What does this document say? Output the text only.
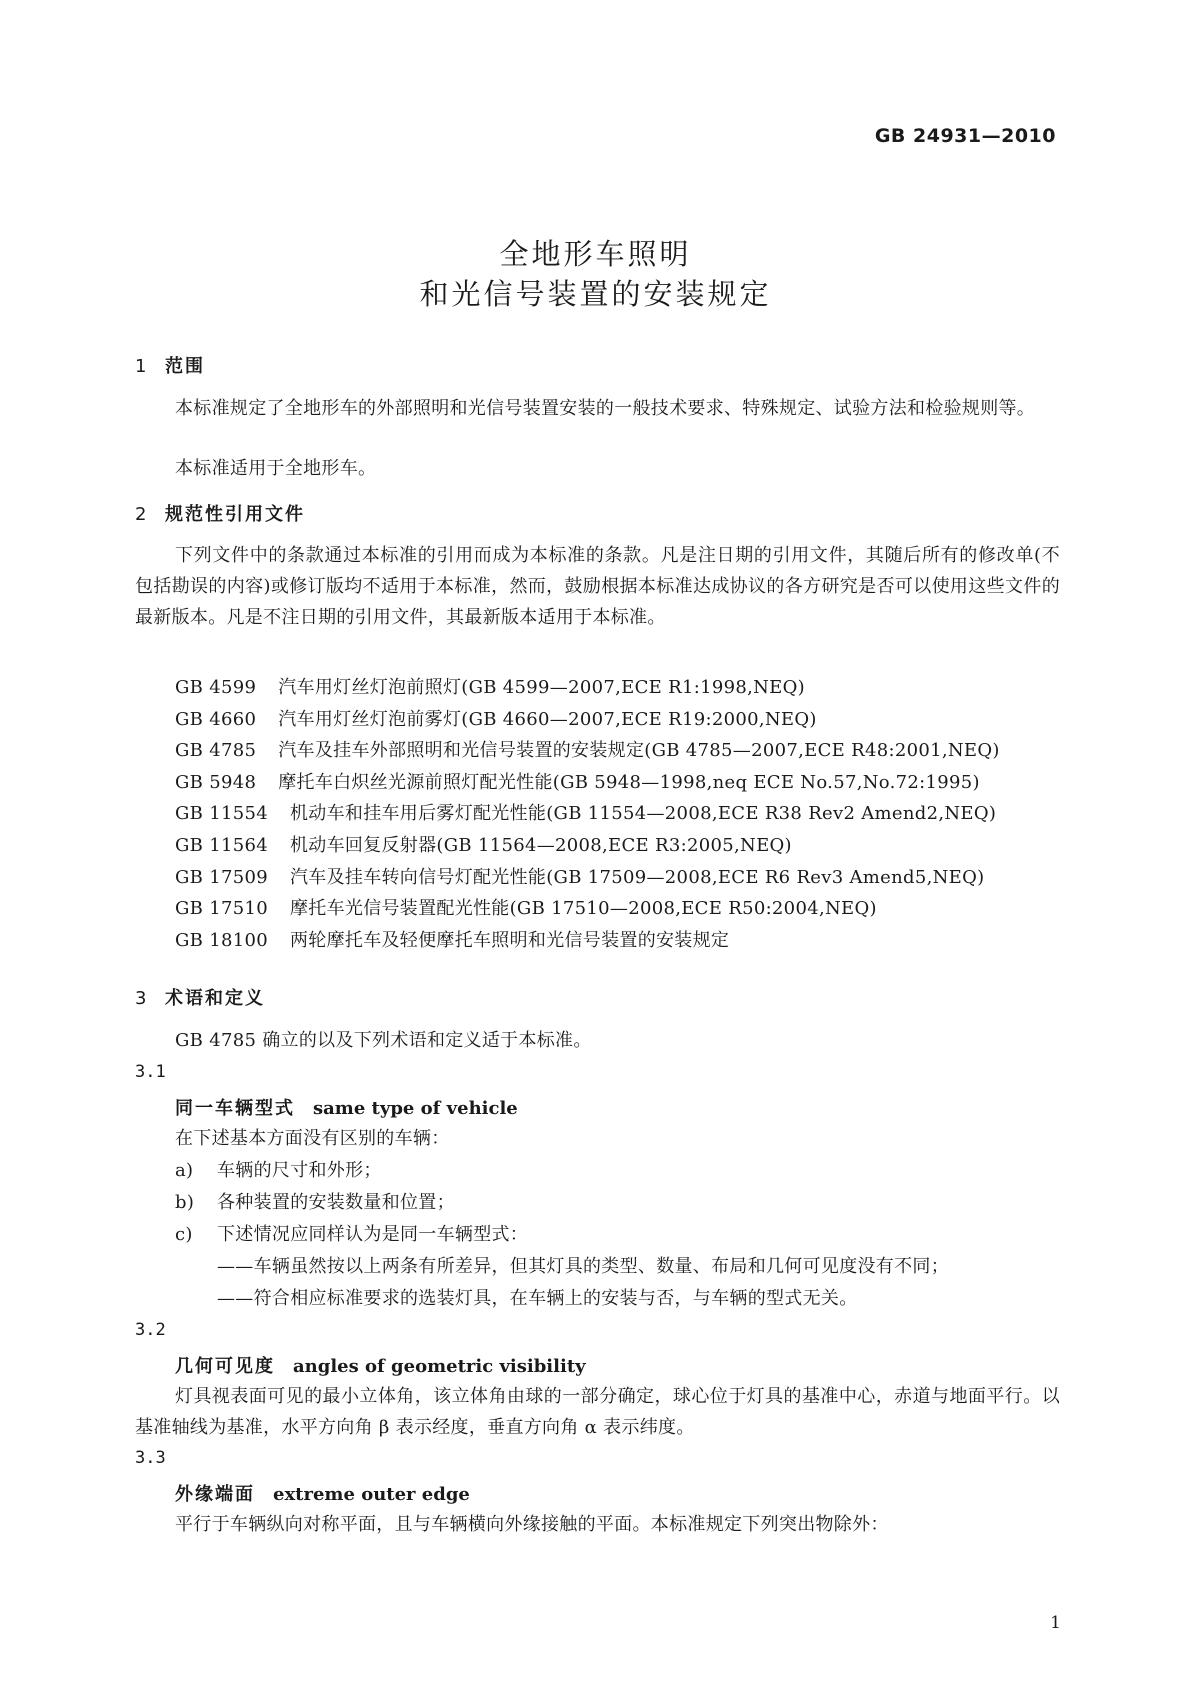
GB 24931—2010
全地形车照明
和光信号装置的安装规定
1 范围
本标准规定了全地形车的外部照明和光信号装置安装的一般技术要求、特殊规定、试验方法和检验规则等。
本标准适用于全地形车。
2 规范性引用文件
下列文件中的条款通过本标准的引用而成为本标准的条款。凡是注日期的引用文件，其随后所有的修改单(不包括勘误的内容)或修订版均不适用于本标准，然而，鼓励根据本标准达成协议的各方研究是否可以使用这些文件的最新版本。凡是不注日期的引用文件，其最新版本适用于本标准。
GB 4599 汽车用灯丝灯泡前照灯(GB 4599—2007,ECE R1:1998,NEQ)
GB 4660 汽车用灯丝灯泡前雾灯(GB 4660—2007,ECE R19:2000,NEQ)
GB 4785 汽车及挂车外部照明和光信号装置的安装规定(GB 4785—2007,ECE R48:2001,NEQ)
GB 5948 摩托车白炽丝光源前照灯配光性能(GB 5948—1998,neq ECE No.57,No.72:1995)
GB 11554 机动车和挂车用后雾灯配光性能(GB 11554—2008,ECE R38 Rev2 Amend2,NEQ)
GB 11564 机动车回复反射器(GB 11564—2008,ECE R3:2005,NEQ)
GB 17509 汽车及挂车转向信号灯配光性能(GB 17509—2008,ECE R6 Rev3 Amend5,NEQ)
GB 17510 摩托车光信号装置配光性能(GB 17510—2008,ECE R50:2004,NEQ)
GB 18100 两轮摩托车及轻便摩托车照明和光信号装置的安装规定
3 术语和定义
GB 4785 确立的以及下列术语和定义适于本标准。
3.1
同一车辆型式 same type of vehicle
在下述基本方面没有区别的车辆：
a) 车辆的尺寸和外形；
b) 各种装置的安装数量和位置；
c) 下述情况应同样认为是同一车辆型式：
——车辆虽然按以上两条有所差异，但其灯具的类型、数量、布局和几何可见度没有不同；
——符合相应标准要求的选装灯具，在车辆上的安装与否，与车辆的型式无关。
3.2
几何可见度 angles of geometric visibility
灯具视表面可见的最小立体角，该立体角由球的一部分确定，球心位于灯具的基准中心，赤道与地面平行。以基准轴线为基准，水平方向角 β 表示经度，垂直方向角 α 表示纬度。
3.3
外缘端面 extreme outer edge
平行于车辆纵向对称平面，且与车辆横向外缘接触的平面。本标准规定下列突出物除外：
1
